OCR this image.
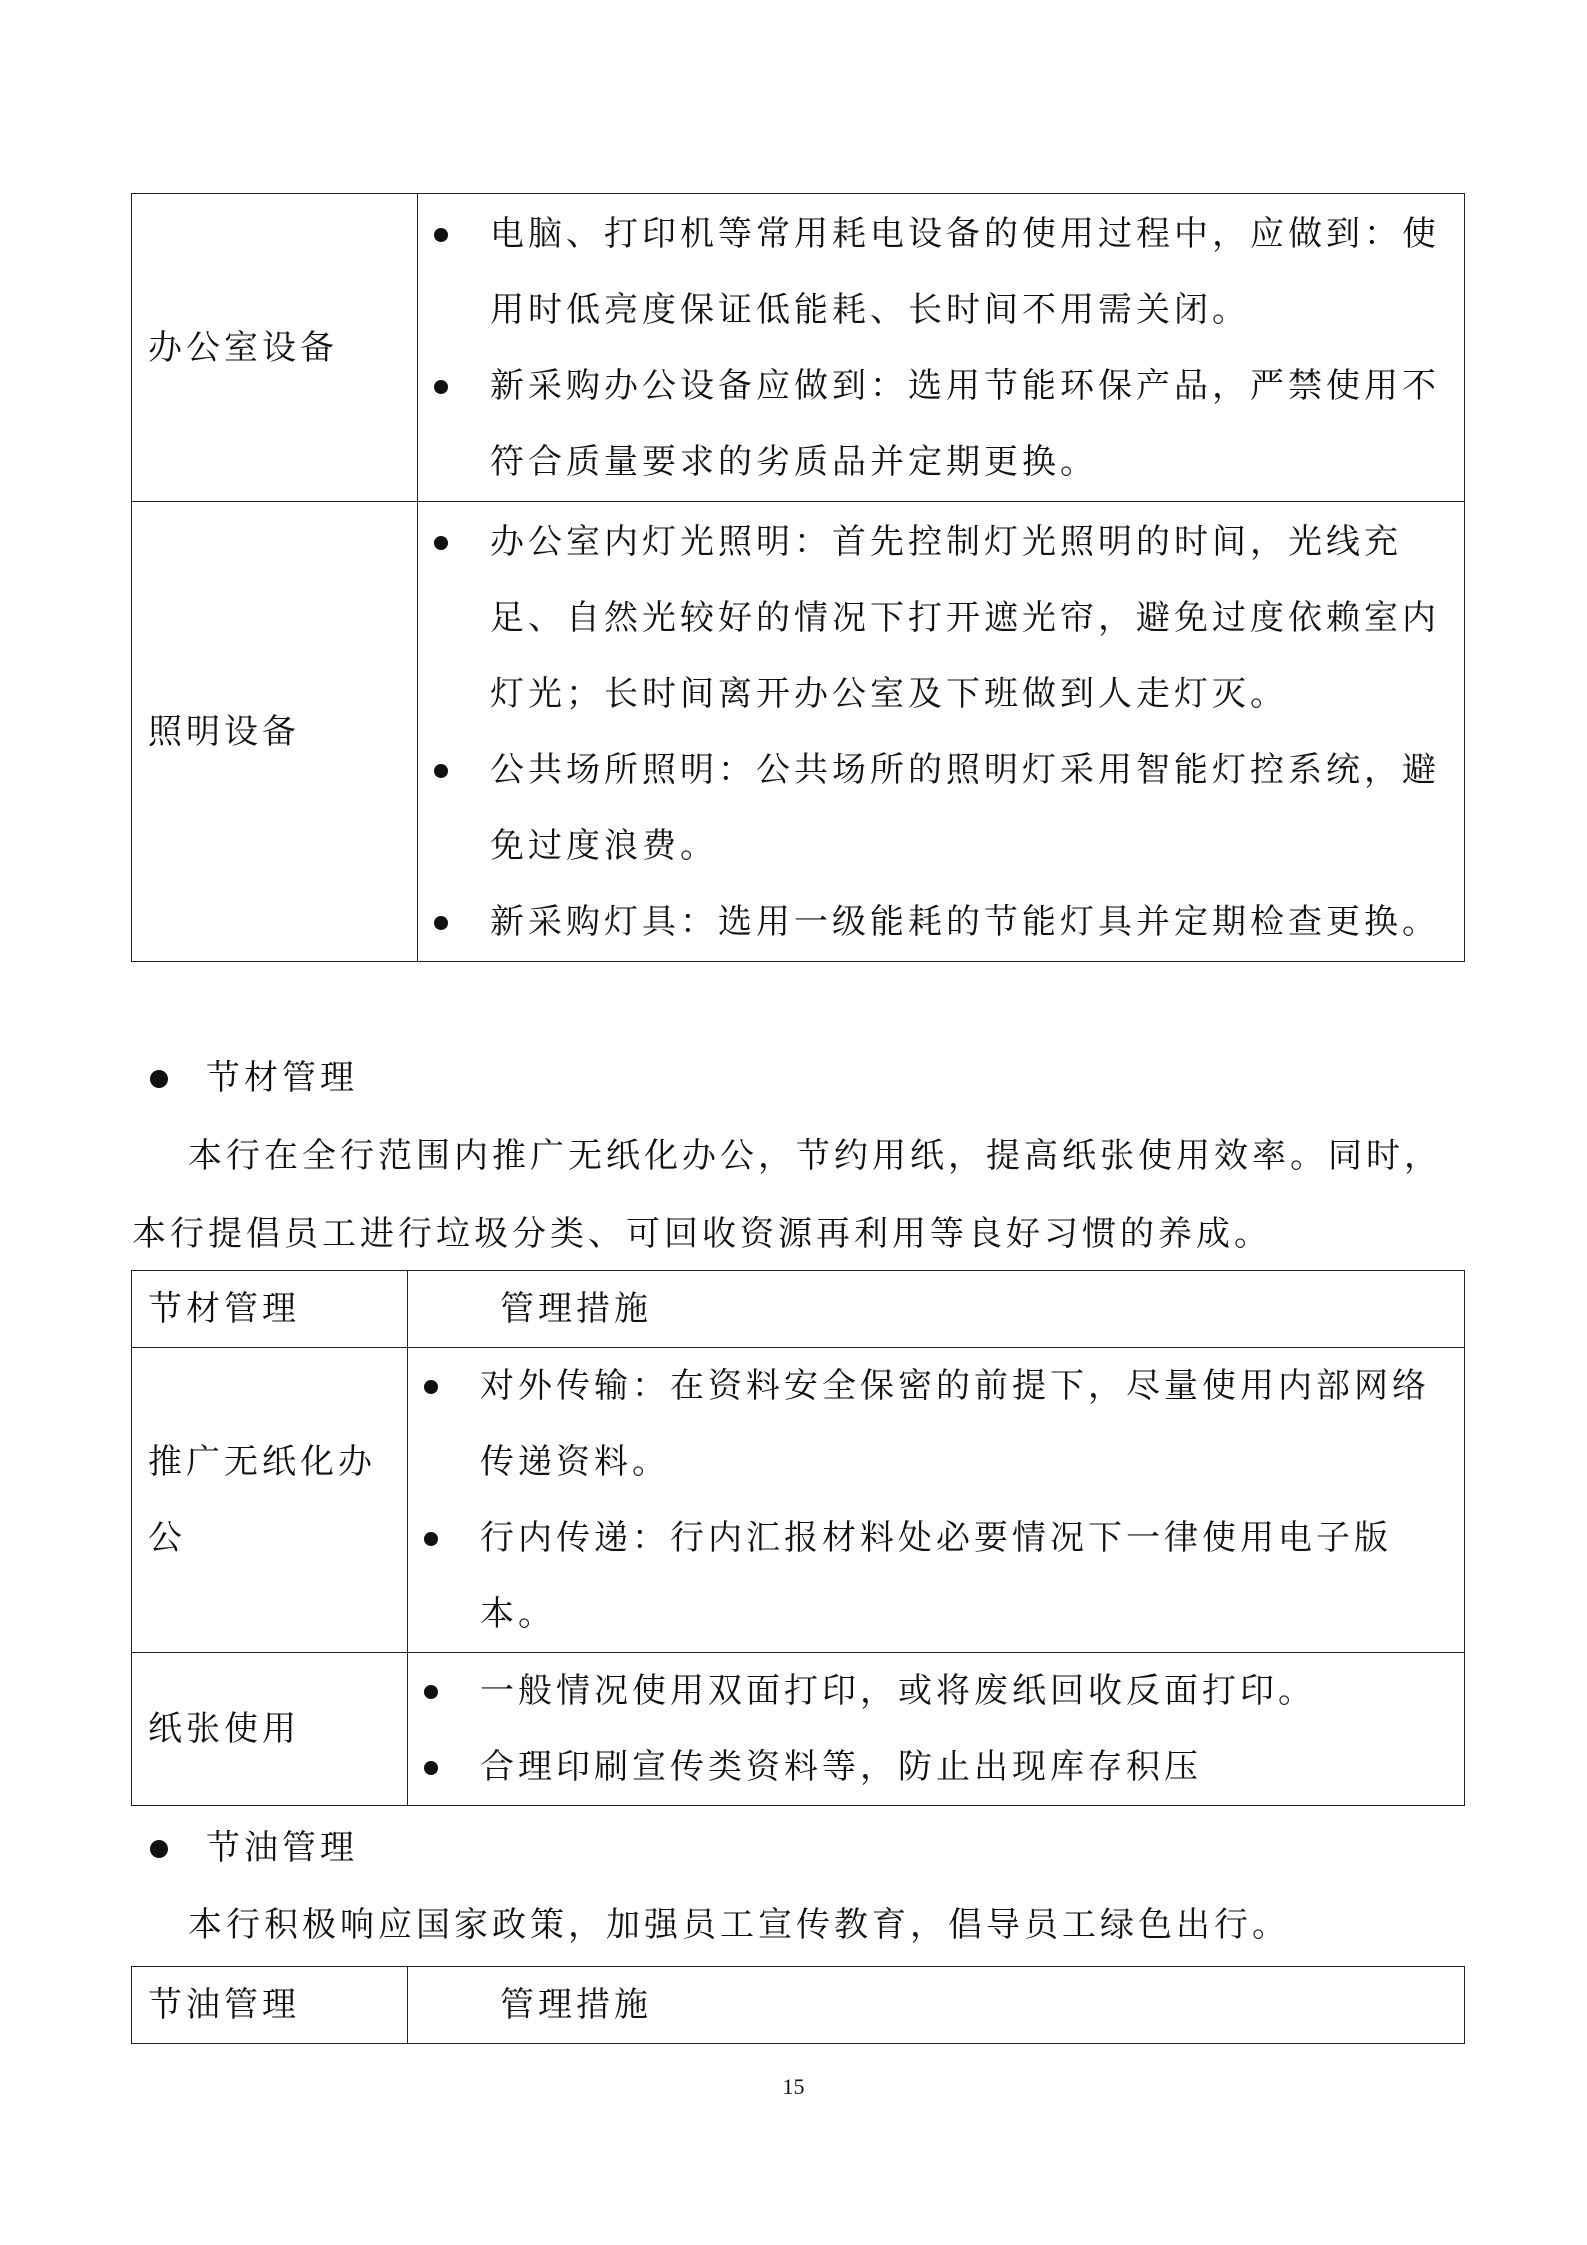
办公室设备	电脑、打印机等常用耗电设备的使用过程中，应做到：使用时低亮度保证低能耗、长时间不用需关闭。
新采购办公设备应做到：选用节能环保产品，严禁使用不符合质量要求的劣质品并定期更换。

照明设备	办公室内灯光照明：首先控制灯光照明的时间，光线充足、自然光较好的情况下打开遮光帘，避免过度依赖室内灯光；长时间离开办公室及下班做到人走灯灭。
公共场所照明：公共场所的照明灯采用智能灯控系统，避免过度浪费。
新采购灯具：选用一级能耗的节能灯具并定期检查更换。
节材管理
本行在全行范围内推广无纸化办公，节约用纸，提高纸张使用效率。同时，本行提倡员工进行垃圾分类、可回收资源再利用等良好习惯的养成。
节材管理	管理措施
推广无纸化办公	对外传输：在资料安全保密的前提下，尽量使用内部网络传递资料。
行内传递：行内汇报材料处必要情况下一律使用电子版本。

纸张使用	一般情况使用双面打印，或将废纸回收反面打印。
合理印刷宣传类资料等，防止出现库存积压
节油管理
本行积极响应国家政策，加强员工宣传教育，倡导员工绿色出行。
节油管理	管理措施
15
